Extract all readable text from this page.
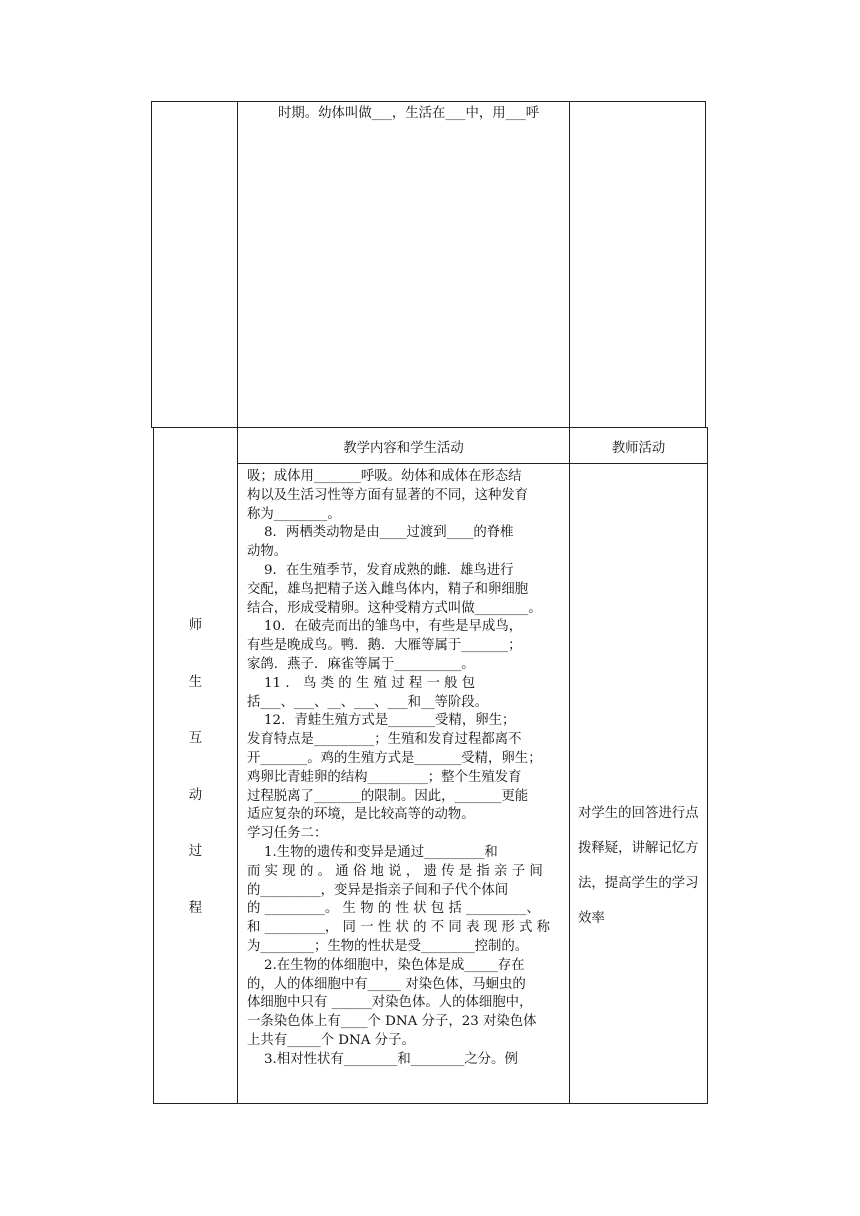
时期。幼体叫做___，生活在___中，用___呼
师
生
互
动
过
程
教学内容和学生活动	教师活动

吸；成体用_______呼吸。幼体和成体在形态结

构以及生活习性等方面有显著的不同，这种发育

称为________。

8．两栖类动物是由____过渡到____的脊椎

动物。

9．在生殖季节，发育成熟的雌．雄鸟进行

交配，雄鸟把精子送入雌鸟体内，精子和卵细胞

结合，形成受精卵。这种受精方式叫做________。

10．在破壳而出的雏鸟中，有些是早成鸟，

有些是晚成鸟。鸭．鹅．大雁等属于_______；

家鸽．燕子．麻雀等属于__________。

11 ． 鸟 类 的 生 殖 过 程 一 般 包

括___、___、__、___、___和__等阶段。

12．青蛙生殖方式是_______受精，卵生；

发育特点是_________；生殖和发育过程都离不

开_______。鸡的生殖方式是_______受精，卵生；

鸡卵比青蛙卵的结构_________；整个生殖发育

过程脱离了_______的限制。因此，_______更能

适应复杂的环境，是比较高等的动物。

学习任务二：

1.生物的遗传和变异是通过_________和

而 实 现 的 。 通 俗 地 说 ， 遗 传 是 指 亲 子 间

的_________，变异是指亲子间和子代个体间

的 _________。 生 物 的 性 状 包 括 _________、

和 _________， 同 一 性 状 的 不 同 表 现 形 式 称

为________；生物的性状是受________控制的。

2.在生物的体细胞中，染色体是成_____存在

的，人的体细胞中有_____ 对染色体，马蛔虫的

体细胞中只有 ______对染色体。人的体细胞中，

一条染色体上有____个 DNA 分子，23 对染色体

上共有_____个 DNA 分子。

3.相对性状有________和________之分。例

对学生的回答进行点拨释疑，讲解记忆方法，提高学生的学习效率
